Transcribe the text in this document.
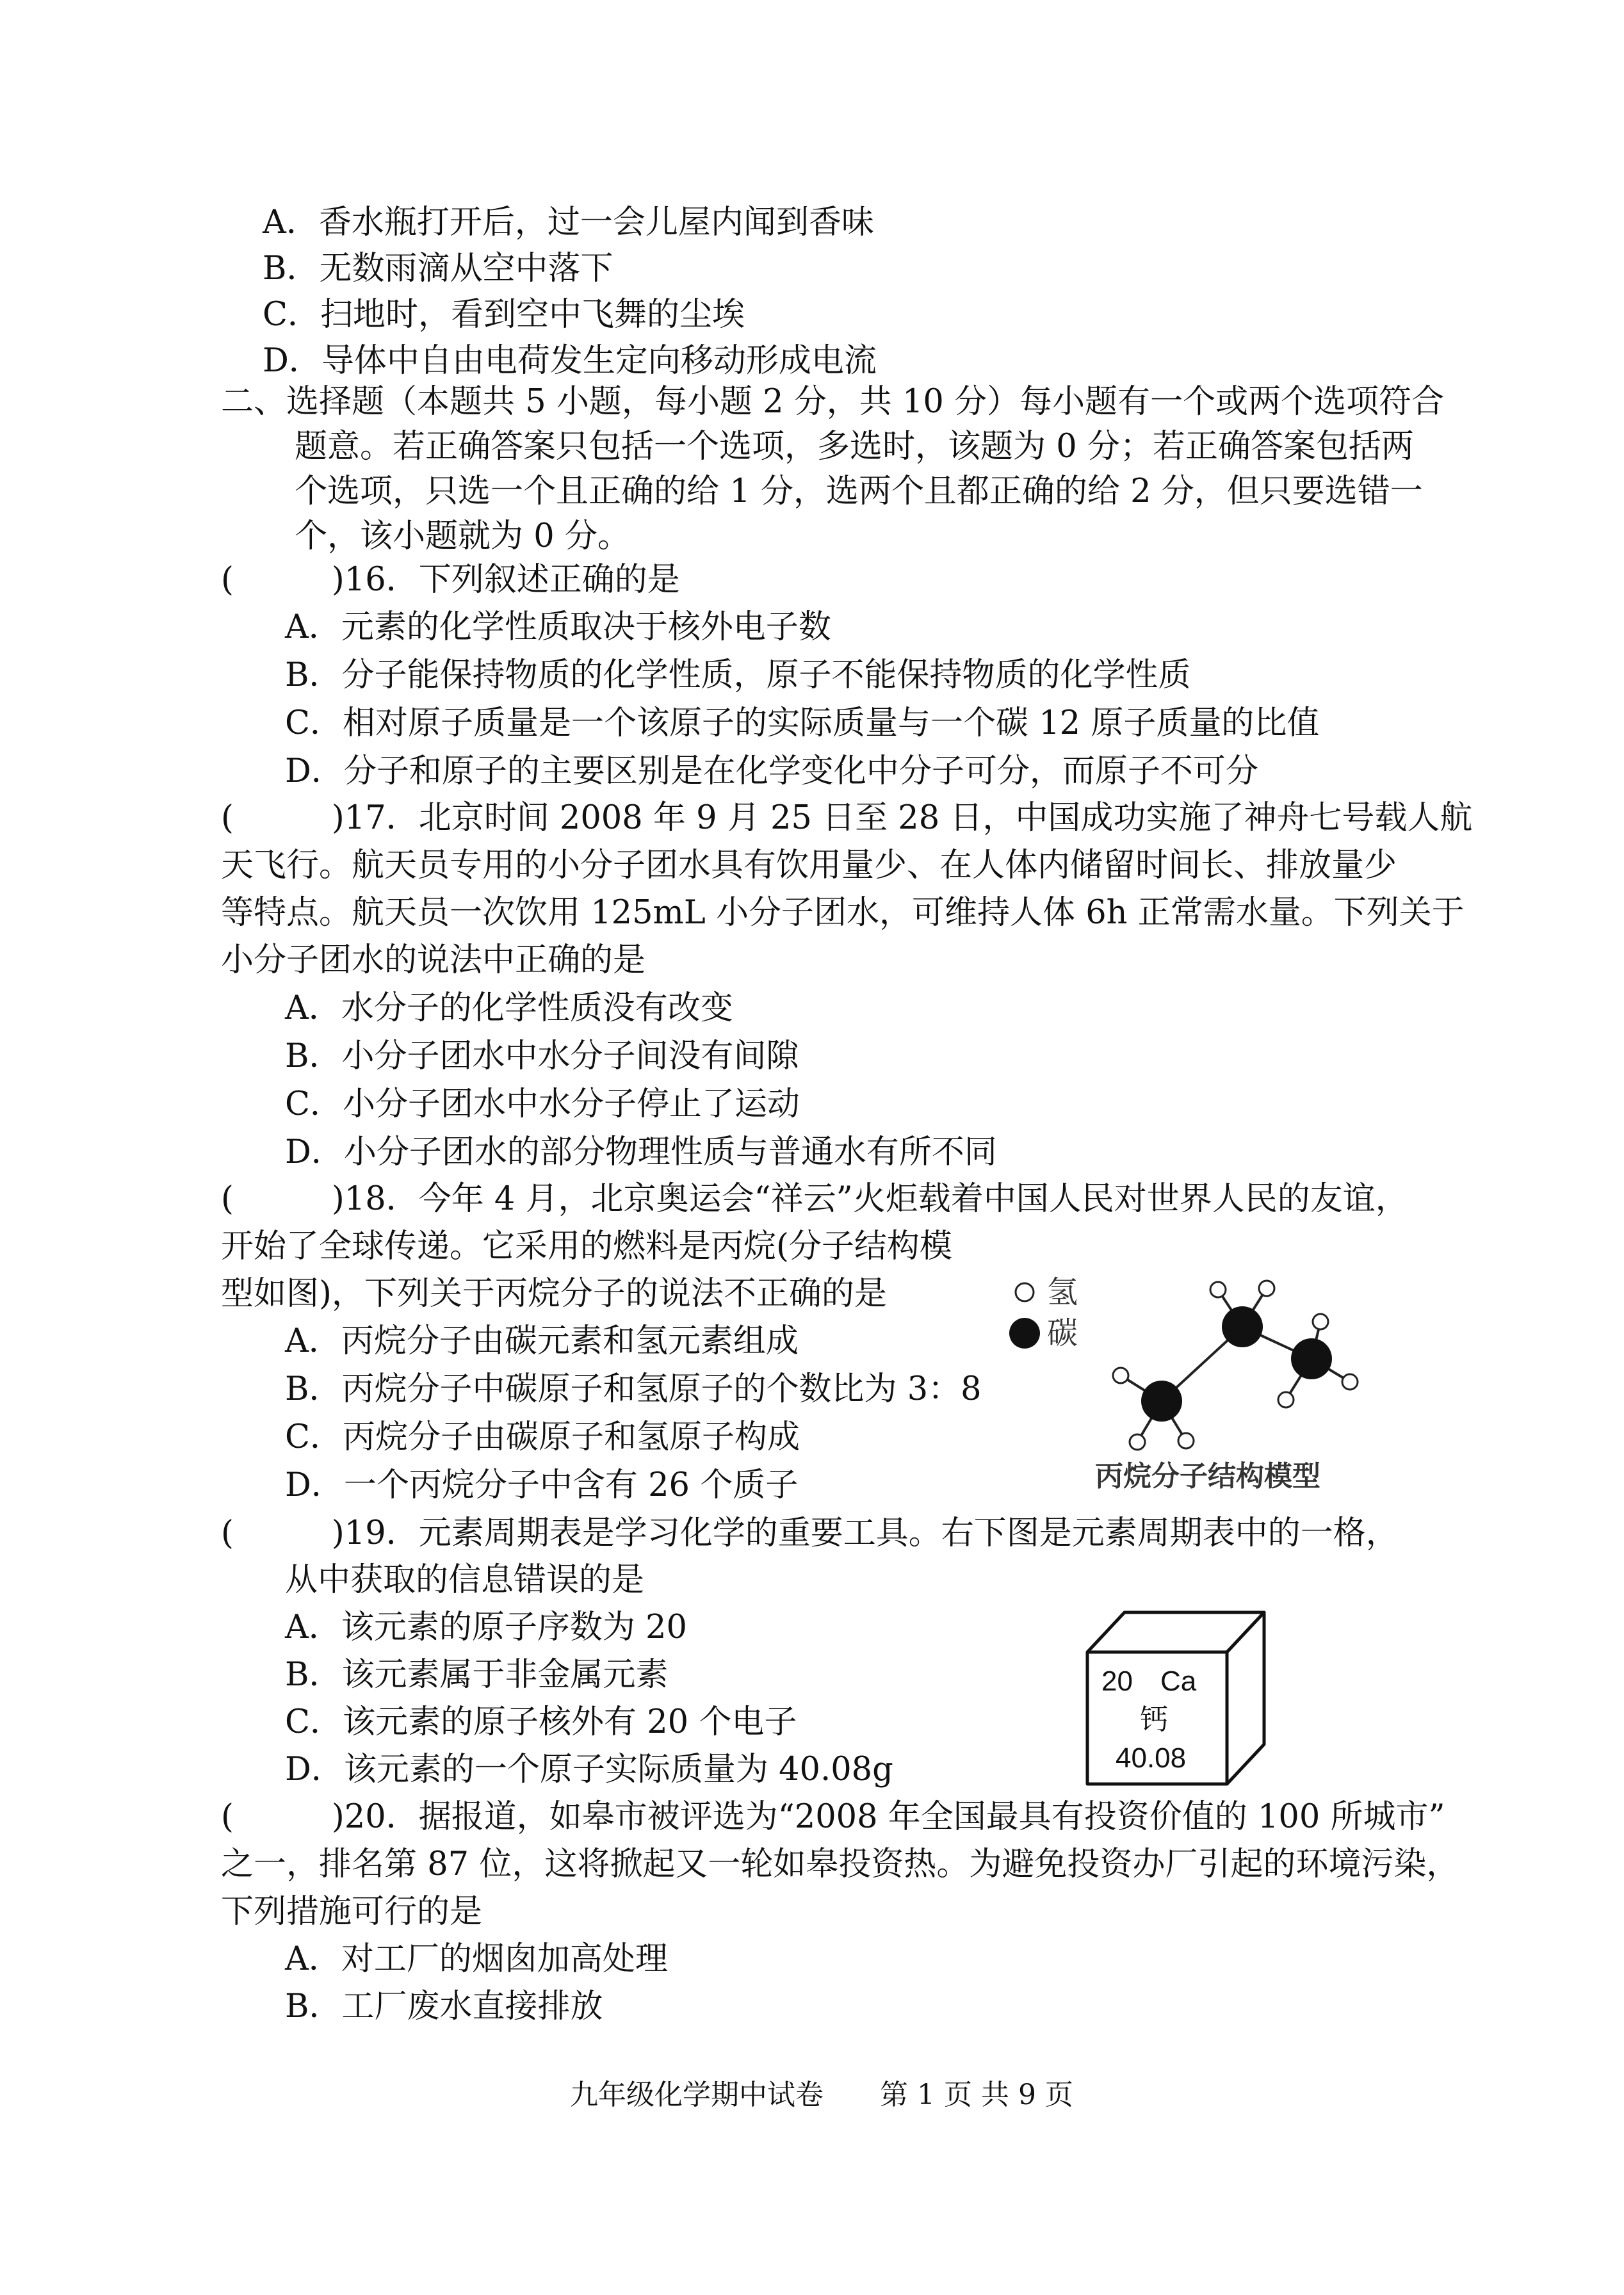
A．香水瓶打开后，过一会儿屋内闻到香味
B．无数雨滴从空中落下
C．扫地时，看到空中飞舞的尘埃
D．导体中自由电荷发生定向移动形成电流
二、选择题（本题共 5 小题，每小题 2 分，共 10 分）每小题有一个或两个选项符合
题意。若正确答案只包括一个选项，多选时，该题为 0 分；若正确答案包括两
个选项，只选一个且正确的给 1 分，选两个且都正确的给 2 分，但只要选错一
个，该小题就为 0 分。
(　　　)16．下列叙述正确的是
A．元素的化学性质取决于核外电子数
B．分子能保持物质的化学性质，原子不能保持物质的化学性质
C．相对原子质量是一个该原子的实际质量与一个碳 12 原子质量的比值
D．分子和原子的主要区别是在化学变化中分子可分，而原子不可分
(　　　)17．北京时间 2008 年 9 月 25 日至 28 日，中国成功实施了神舟七号载人航
天飞行。航天员专用的小分子团水具有饮用量少、在人体内储留时间长、排放量少
等特点。航天员一次饮用 125mL 小分子团水，可维持人体 6h 正常需水量。下列关于
小分子团水的说法中正确的是
A．水分子的化学性质没有改变
B．小分子团水中水分子间没有间隙
C．小分子团水中水分子停止了运动
D．小分子团水的部分物理性质与普通水有所不同
(　　　)18．今年 4 月，北京奥运会“祥云”火炬载着中国人民对世界人民的友谊，
开始了全球传递。它采用的燃料是丙烷(分子结构模
型如图)，下列关于丙烷分子的说法不正确的是
A．丙烷分子由碳元素和氢元素组成
B．丙烷分子中碳原子和氢原子的个数比为 3：8
C．丙烷分子由碳原子和氢原子构成
D．一个丙烷分子中含有 26 个质子
氢
碳
丙烷分子结构模型
(　　　)19．元素周期表是学习化学的重要工具。右下图是元素周期表中的一格，
从中获取的信息错误的是
A．该元素的原子序数为 20
B．该元素属于非金属元素
C．该元素的原子核外有 20 个电子
D．该元素的一个原子实际质量为 40.08g
20 Ca
钙
40.08
(　　　)20．据报道，如皋市被评选为“2008 年全国最具有投资价值的 100 所城市”
之一，排名第 87 位，这将掀起又一轮如皋投资热。为避免投资办厂引起的环境污染，
下列措施可行的是
A．对工厂的烟囱加高处理
B．工厂废水直接排放
九年级化学期中试卷　　第 1 页 共 9 页
